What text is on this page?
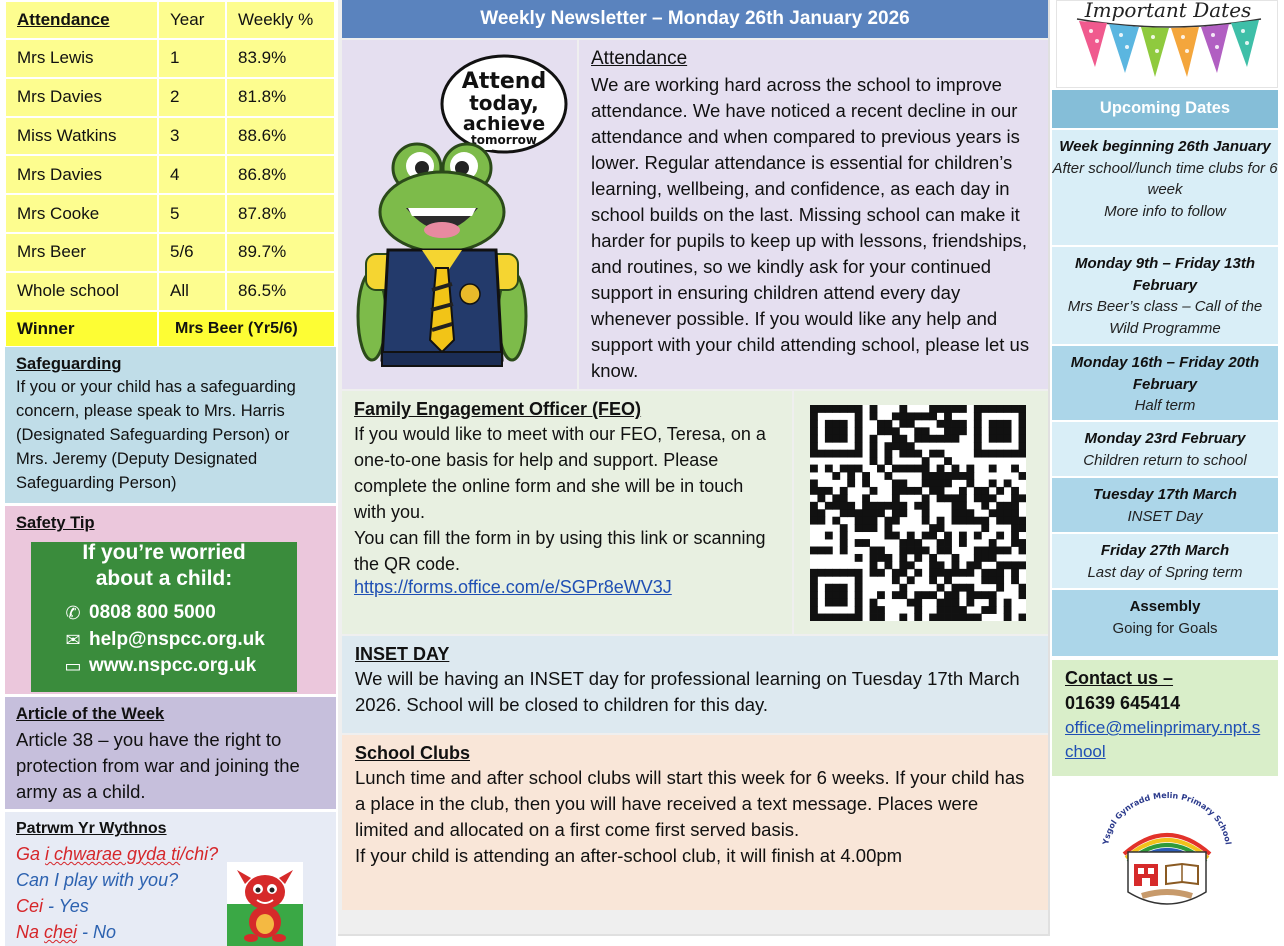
Attendance	Year	Weekly %
Mrs Lewis	1	83.9%
Mrs Davies	2	81.8%
Miss Watkins	3	88.6%
Mrs Davies	4	86.8%
Mrs Cooke	5	87.8%
Mrs Beer	5/6	89.7%
Whole school	All	86.5%
Winner	Mrs Beer (Yr5/6)	
Safeguarding
If you or your child has a safeguarding concern, please speak to Mrs. Harris (Designated Safeguarding Person) or Mrs. Jeremy (Deputy Designated Safeguarding Person)
Safety Tip
If you’re worried
about a child:
✆ 0808 800 5000
✉ help@nspcc.org.uk
▭ www.nspcc.org.uk
Article of the Week
Article 38 – you have the right to protection from war and joining the army as a child.
Patrwm Yr Wythnos
Ga i chwarae gyda ti/chi?
Can I play with you?
Cei - Yes
Na chei - No
Weekly Newsletter – Monday 26th January 2026
Attend
today,
achieve
tomorrow
Attendance
We are working hard across the school to improve attendance. We have noticed a recent decline in our attendance and when compared to previous years is lower. Regular attendance is essential for children’s learning, wellbeing, and confidence, as each day in school builds on the last. Missing school can make it harder for pupils to keep up with lessons, friendships, and routines, so we kindly ask for your continued support in ensuring children attend every day whenever possible. If you would like any help and support with your child attending school, please let us know.
Family Engagement Officer (FEO)
If you would like to meet with our FEO, Teresa, on a one-to-one basis for help and support. Please complete the online form and she will be in touch with you.
You can fill the form in by using this link or scanning the QR code.
https://forms.office.com/e/SGPr8eWV3J
INSET DAY
We will be having an INSET day for professional learning on Tuesday 17th March 2026. School will be closed to children for this day.
School Clubs
Lunch time and after school clubs will start this week for 6 weeks. If your child has a place in the club, then you will have received a text message. Places were limited and allocated on a first come first served basis.
If your child is attending an after-school club, it will finish at 4.00pm
Important Dates
Upcoming Dates
Week beginning 26th January
After school/lunch time clubs for 6 week
More info to follow
Monday 9th – Friday 13th February
Mrs Beer’s class – Call of the Wild Programme
Monday 16th – Friday 20th February
Half term
Monday 23rd February
Children return to school
Tuesday 17th March
INSET Day
Friday 27th March
Last day of Spring term
Assembly
Going for Goals
Contact us –
01639 645414
office@melinprimary.npt.school
Ysgol Gynradd Melin Primary School
